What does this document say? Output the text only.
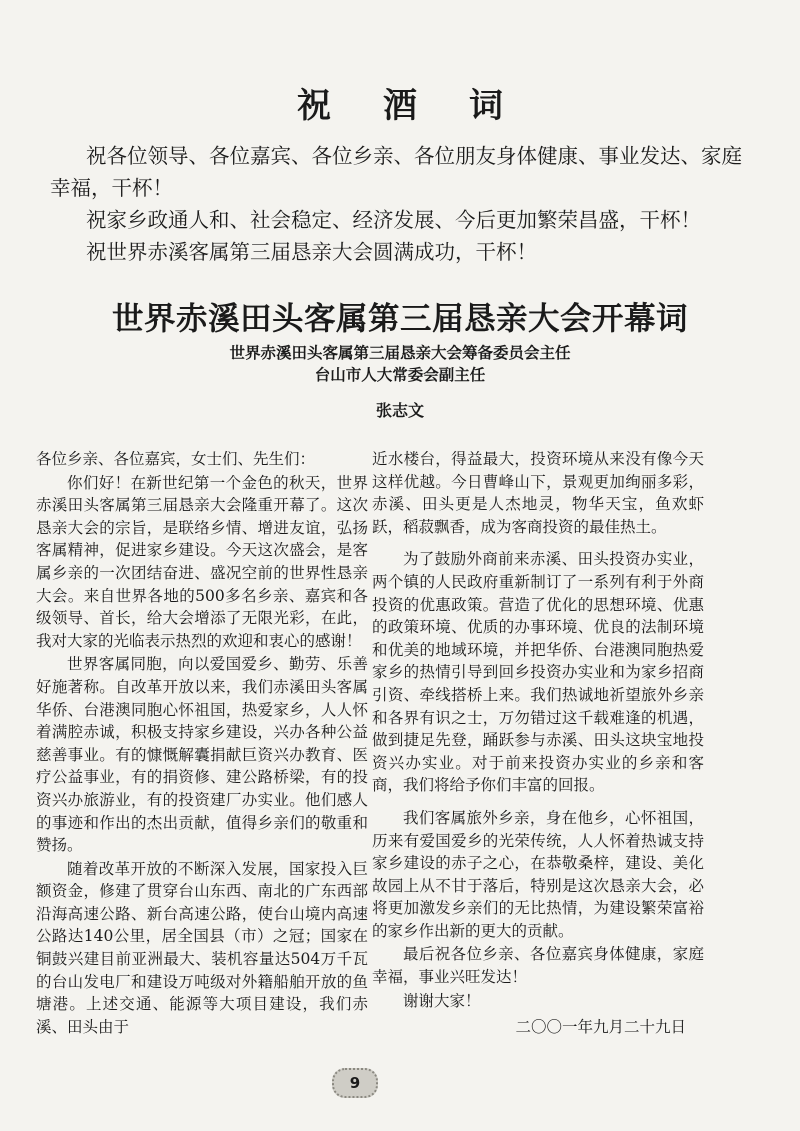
祝酒词

祝各位领导、各位嘉宾、各位乡亲、各位朋友身体健康、事业发达、家庭幸福，干杯！

祝家乡政通人和、社会稳定、经济发展、今后更加繁荣昌盛，干杯！

祝世界赤溪客属第三届恳亲大会圆满成功，干杯！

世界赤溪田头客属第三届恳亲大会开幕词
世界赤溪田头客属第三届恳亲大会筹备委员会主任
台山市人大常委会副主任
张志文

各位乡亲、各位嘉宾，女士们、先生们：

你们好！在新世纪第一个金色的秋天，世界赤溪田头客属第三届恳亲大会隆重开幕了。这次恳亲大会的宗旨，是联络乡情、增进友谊，弘扬客属精神，促进家乡建设。今天这次盛会，是客属乡亲的一次团结奋进、盛况空前的世界性恳亲大会。来自世界各地的500多名乡亲、嘉宾和各级领导、首长，给大会增添了无限光彩，在此，我对大家的光临表示热烈的欢迎和衷心的感谢！

世界客属同胞，向以爱国爱乡、勤劳、乐善好施著称。自改革开放以来，我们赤溪田头客属华侨、台港澳同胞心怀祖国，热爱家乡，人人怀着满腔赤诚，积极支持家乡建设，兴办各种公益慈善事业。有的慷慨解囊捐献巨资兴办教育、医疗公益事业，有的捐资修、建公路桥梁，有的投资兴办旅游业，有的投资建厂办实业。他们感人的事迹和作出的杰出贡献，值得乡亲们的敬重和赞扬。

随着改革开放的不断深入发展，国家投入巨额资金，修建了贯穿台山东西、南北的广东西部沿海高速公路、新台高速公路，使台山境内高速公路达140公里，居全国县（市）之冠；国家在铜鼓兴建目前亚洲最大、装机容量达504万千瓦的台山发电厂和建设万吨级对外籍船舶开放的鱼塘港。上述交通、能源等大项目建设，我们赤溪、田头由于

近水楼台，得益最大，投资环境从来没有像今天这样优越。今日曹峰山下，景观更加绚丽多彩，赤溪、田头更是人杰地灵，物华天宝，鱼欢虾跃，稻菽飘香，成为客商投资的最佳热土。

为了鼓励外商前来赤溪、田头投资办实业，两个镇的人民政府重新制订了一系列有利于外商投资的优惠政策。营造了优化的思想环境、优惠的政策环境、优质的办事环境、优良的法制环境和优美的地域环境，并把华侨、台港澳同胞热爱家乡的热情引导到回乡投资办实业和为家乡招商引资、牵线搭桥上来。我们热诚地祈望旅外乡亲和各界有识之士，万勿错过这千载难逢的机遇，做到捷足先登，踊跃参与赤溪、田头这块宝地投资兴办实业。对于前来投资办实业的乡亲和客商，我们将给予你们丰富的回报。

我们客属旅外乡亲，身在他乡，心怀祖国，历来有爱国爱乡的光荣传统，人人怀着热诚支持家乡建设的赤子之心，在恭敬桑梓，建设、美化故园上从不甘于落后，特别是这次恳亲大会，必将更加激发乡亲们的无比热情，为建设繁荣富裕的家乡作出新的更大的贡献。

最后祝各位乡亲、各位嘉宾身体健康，家庭幸福，事业兴旺发达！

谢谢大家！

二〇〇一年九月二十九日

9
